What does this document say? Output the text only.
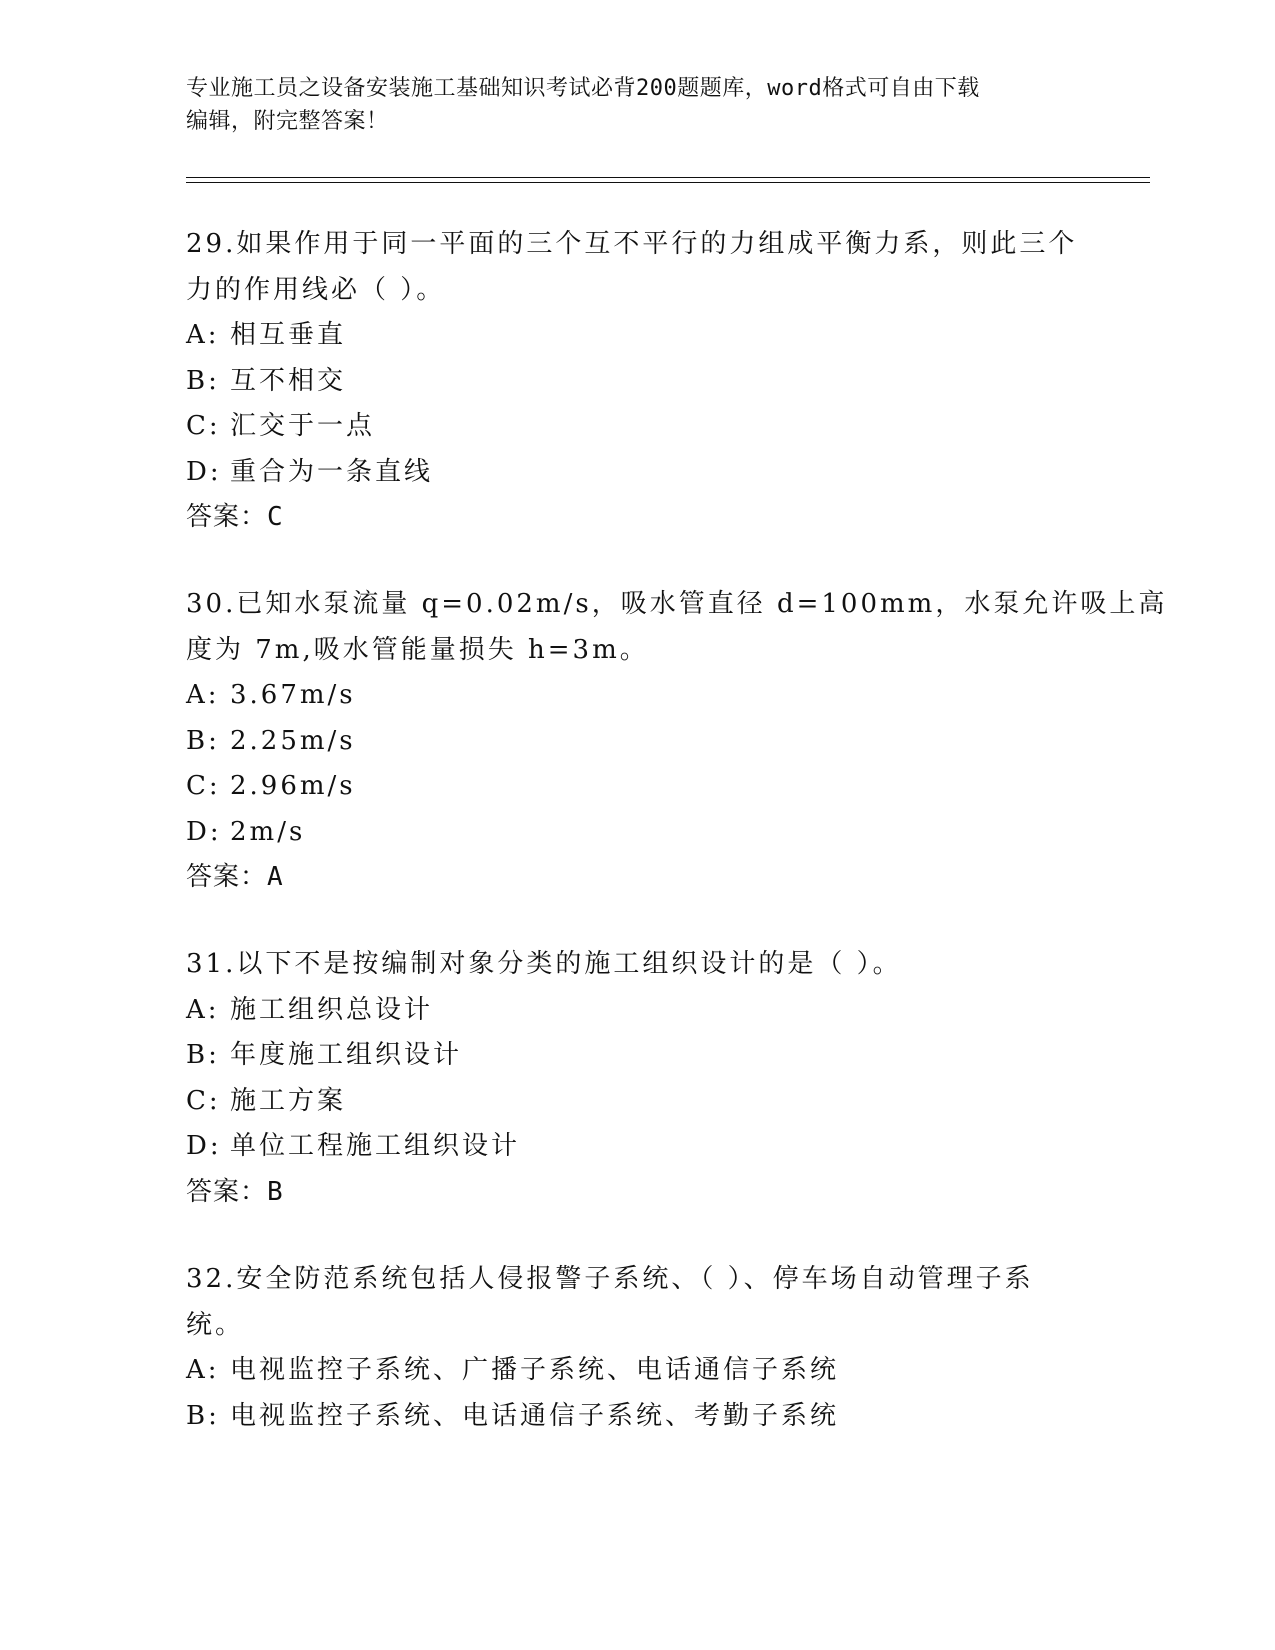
专业施工员之设备安装施工基础知识考试必背200题题库，word格式可自由下载
编辑，附完整答案！
29.如果作用于同一平面的三个互不平行的力组成平衡力系，则此三个
力的作用线必（ ）。
A: 相互垂直
B: 互不相交
C: 汇交于一点
D: 重合为一条直线
答案：C
30.已知水泵流量 q=0.02m/s，吸水管直径 d=100mm，水泵允许吸上高
度为 7m,吸水管能量损失 h=3m。
A: 3.67m/s
B: 2.25m/s
C: 2.96m/s
D: 2m/s
答案：A
31.以下不是按编制对象分类的施工组织设计的是（ ）。
A: 施工组织总设计
B: 年度施工组织设计
C: 施工方案
D: 单位工程施工组织设计
答案：B
32.安全防范系统包括人侵报警子系统、（ ）、停车场自动管理子系
统。
A: 电视监控子系统、广播子系统、电话通信子系统
B: 电视监控子系统、电话通信子系统、考勤子系统
